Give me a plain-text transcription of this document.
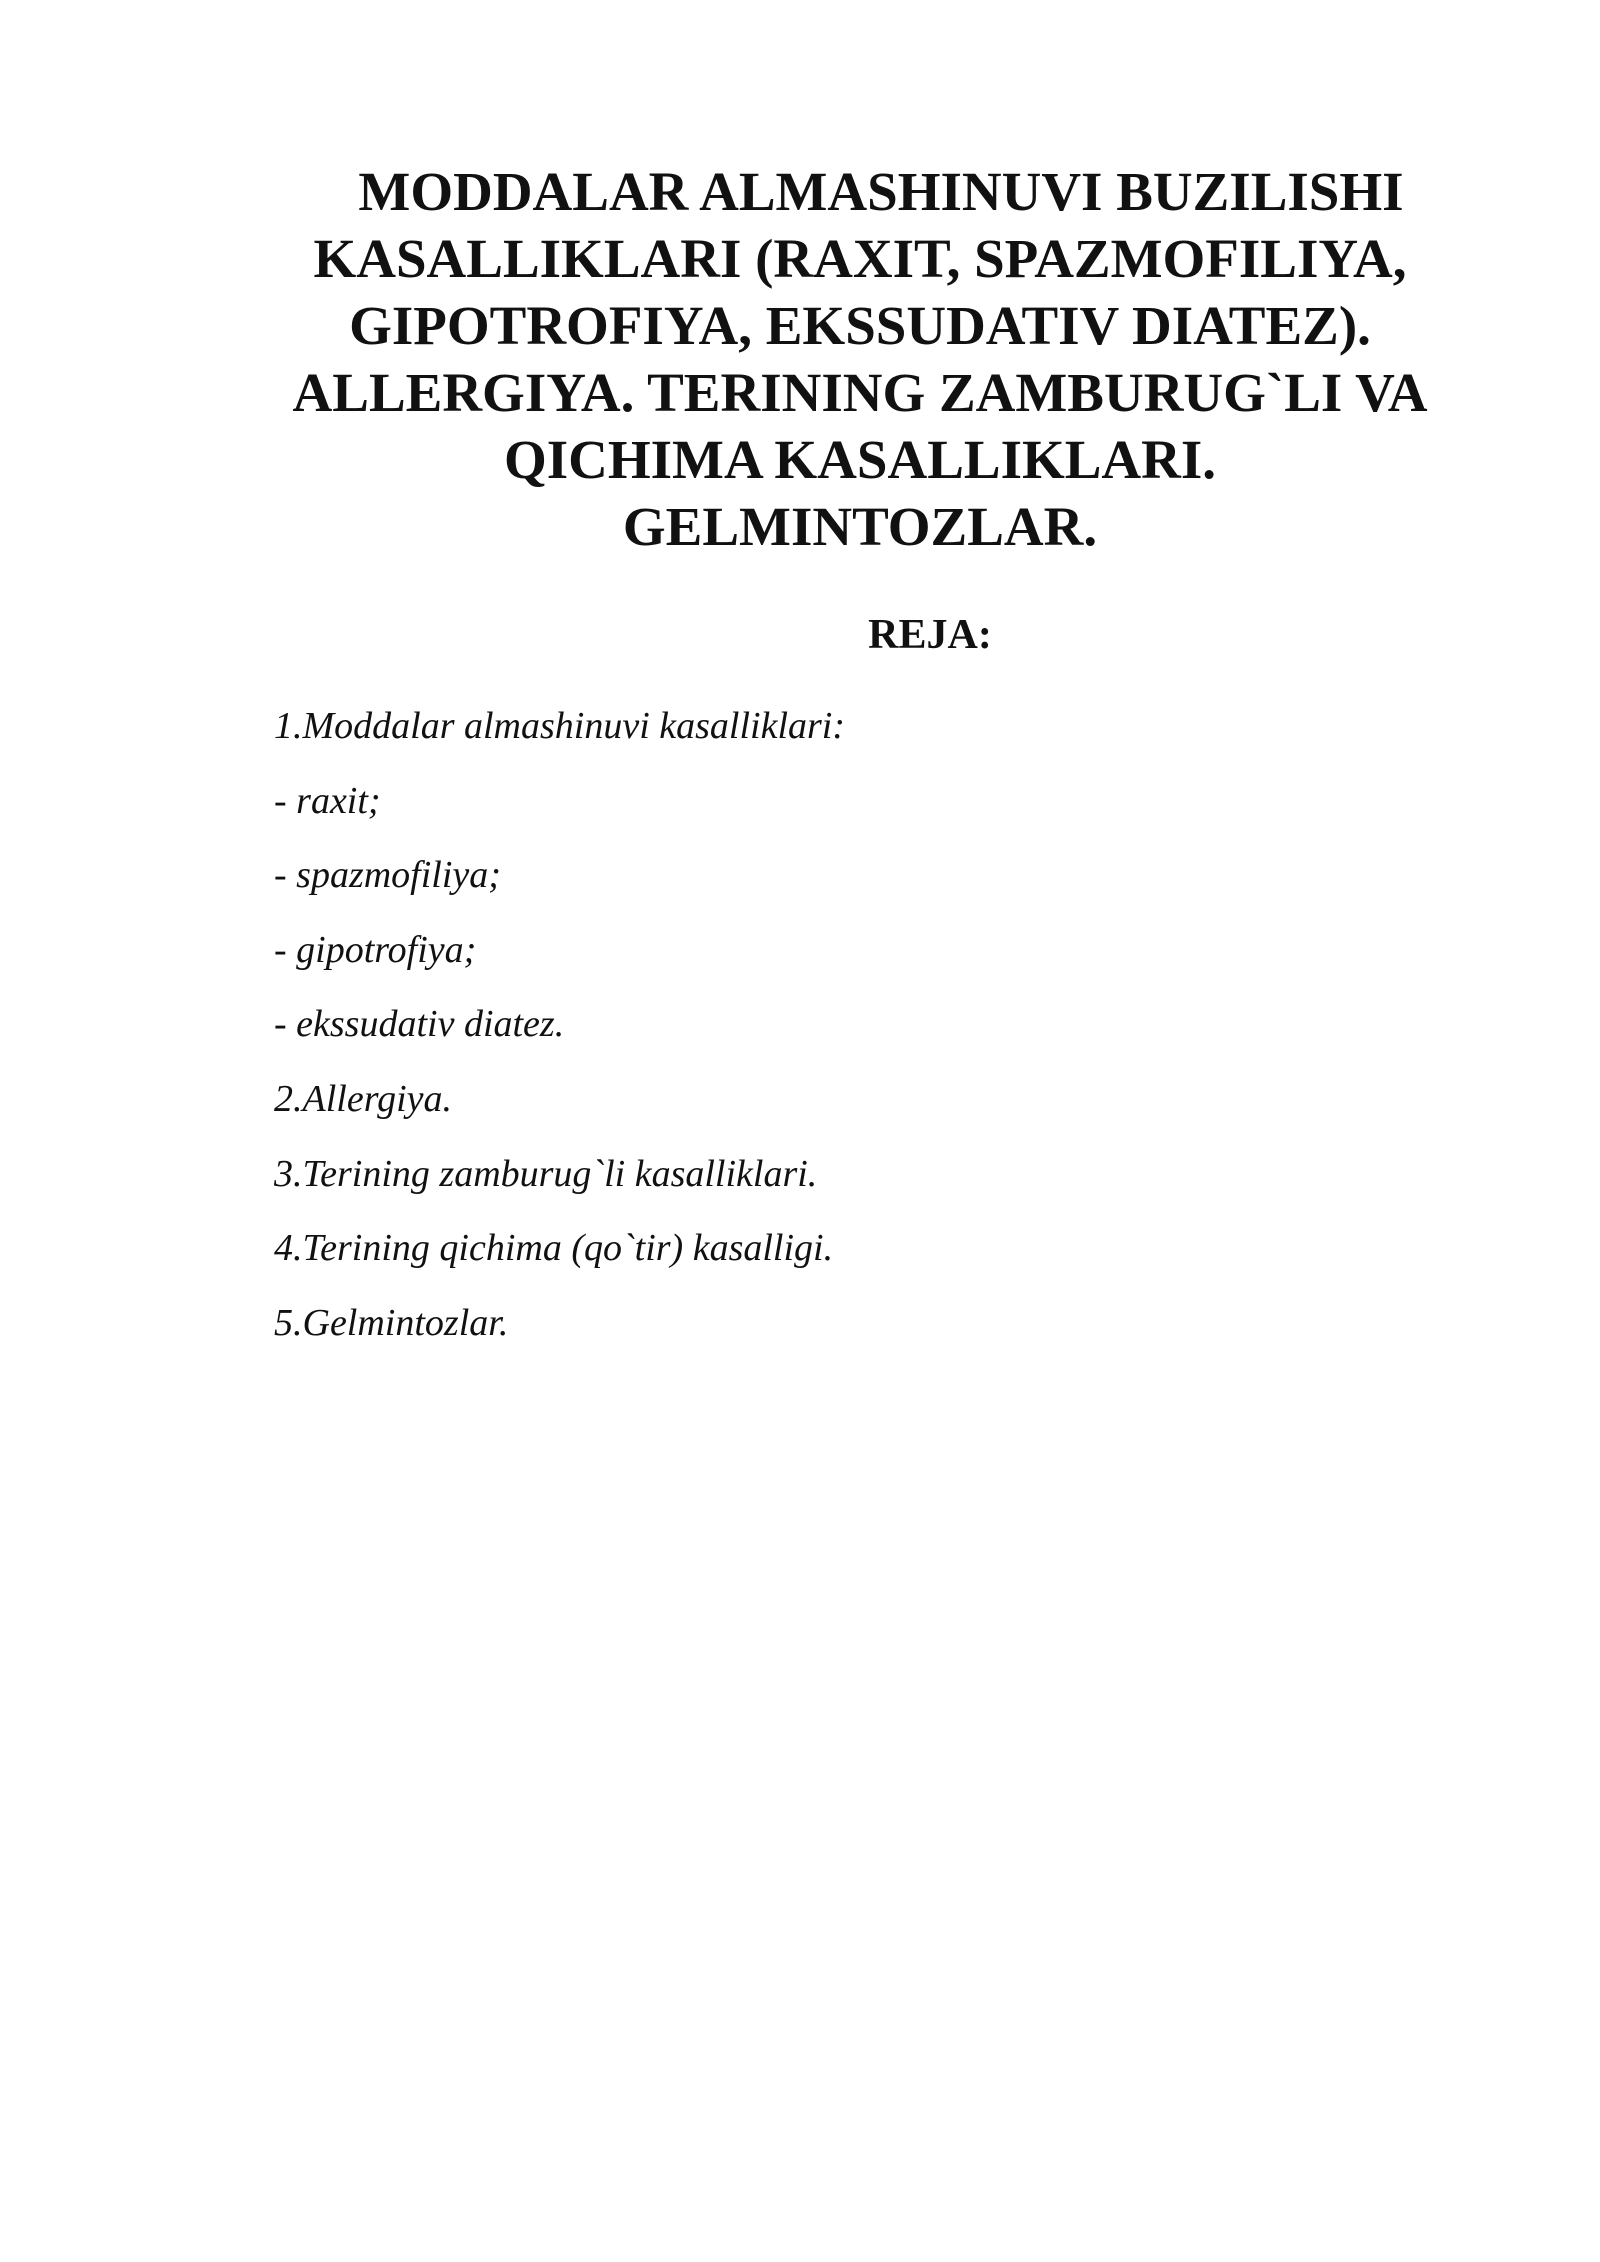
MODDALAR ALMASHINUVI BUZILISHI
KASALLIKLARI (RAXIT, SPAZMOFILIYA,
GIPOTROFIYA, EKSSUDATIV DIATEZ).
ALLERGIYA. TERINING ZAMBURUG`LI VA
QICHIMA KASALLIKLARI.
GELMINTOZLAR.
REJA:
1.Moddalar almashinuvi kasalliklari:
- raxit;
- spazmofiliya;
- gipotrofiya;
- ekssudativ diatez.
2.Allergiya.
3.Terining zamburug`li kasalliklari.
4.Terining qichima (qo`tir) kasalligi.
5.Gelmintozlar.
